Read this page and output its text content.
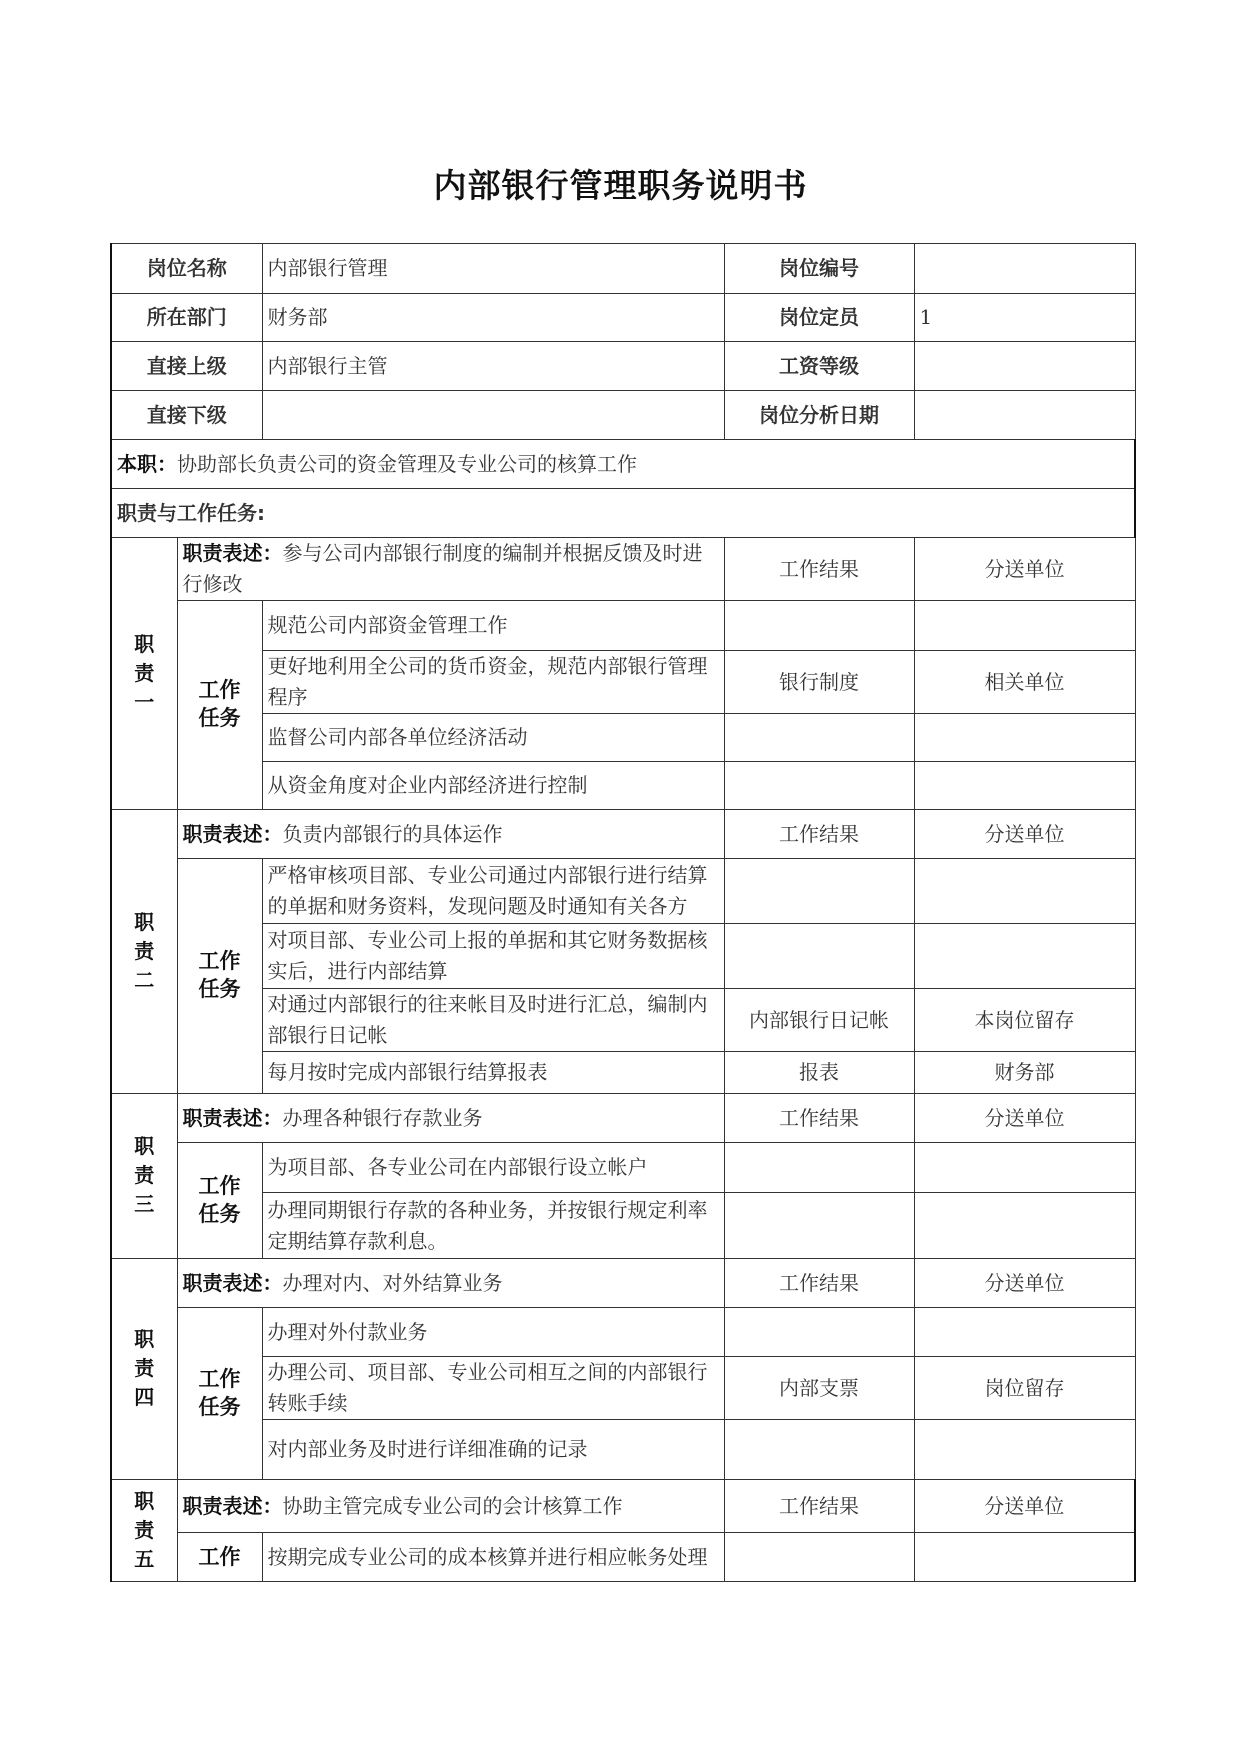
内部银行管理职务说明书
岗位名称		内部银行管理	岗位编号	
所在部门		财务部	岗位定员	1
直接上级		内部银行主管	工资等级	
直接下级			岗位分析日期	
本职：协助部长负责公司的资金管理及专业公司的核算工作				
职责与工作任务:				
职责一	职责表述：参与公司内部银行制度的编制并根据反馈及时进行修改		工作结果	分送单位
	工作任务	规范公司内部资金管理工作		
		更好地利用全公司的货币资金，规范内部银行管理程序	银行制度	相关单位
		监督公司内部各单位经济活动		
		从资金角度对企业内部经济进行控制		
职责二	职责表述：负责内部银行的具体运作		工作结果	分送单位
	工作任务	严格审核项目部、专业公司通过内部银行进行结算的单据和财务资料，发现问题及时通知有关各方		
		对项目部、专业公司上报的单据和其它财务数据核实后，进行内部结算		
		对通过内部银行的往来帐目及时进行汇总，编制内部银行日记帐	内部银行日记帐	本岗位留存
		每月按时完成内部银行结算报表	报表	财务部
职责三	职责表述：办理各种银行存款业务		工作结果	分送单位
	工作任务	为项目部、各专业公司在内部银行设立帐户		
		办理同期银行存款的各种业务，并按银行规定利率定期结算存款利息。		
职责四	职责表述：办理对内、对外结算业务		工作结果	分送单位
	工作任务	办理对外付款业务		
		办理公司、项目部、专业公司相互之间的内部银行转账手续	内部支票	岗位留存
		对内部业务及时进行详细准确的记录		
职责五	职责表述：协助主管完成专业公司的会计核算工作		工作结果	分送单位
	工作	按期完成专业公司的成本核算并进行相应帐务处理		
